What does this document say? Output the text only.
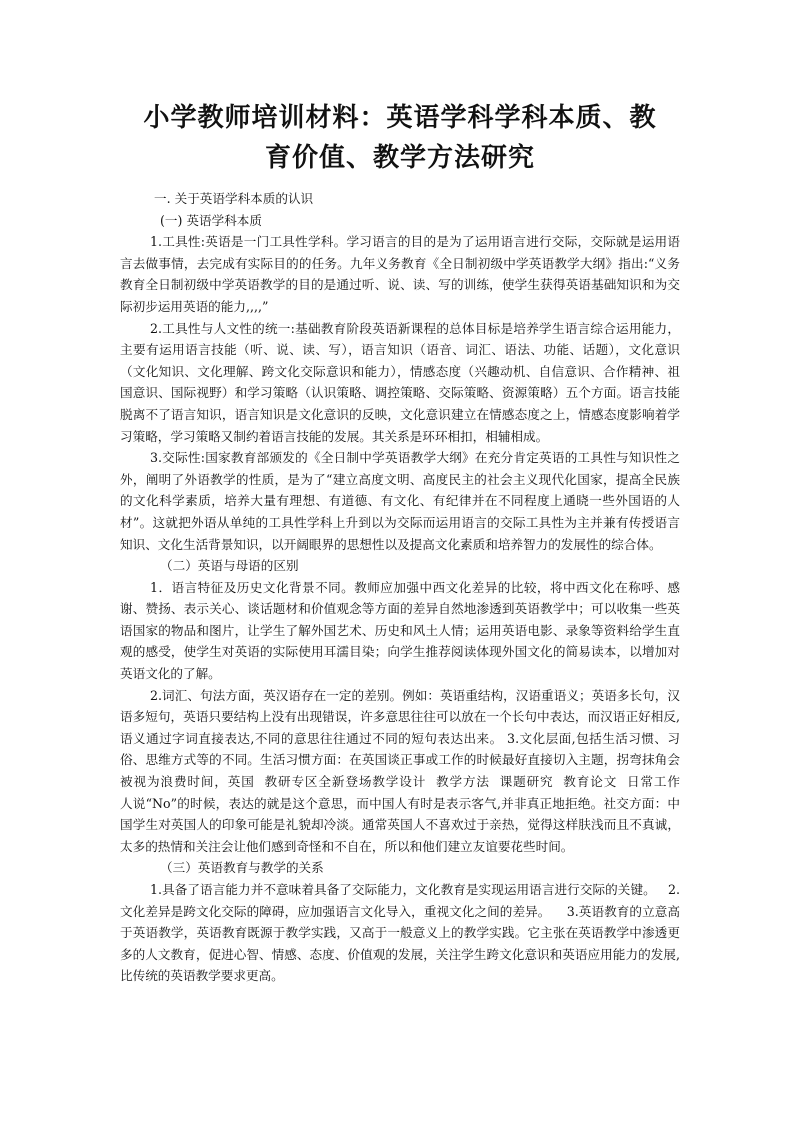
小学教师培训材料：英语学科学科本质、教
育价值、教学方法研究

一. 关于英语学科本质的认识

(一) 英语学科本质

1.工具性:英语是一门工具性学科。学习语言的目的是为了运用语言进行交际，交际就是运用语言去做事情，去完成有实际目的的任务。九年义务教育《全日制初级中学英语教学大纲》指出:“义务教育全日制初级中学英语教学的目的是通过听、说、读、写的训练，使学生获得英语基础知识和为交际初步运用英语的能力,,,,”

2.工具性与人文性的统一:基础教育阶段英语新课程的总体目标是培养学生语言综合运用能力，主要有运用语言技能（听、说、读、写），语言知识（语音、词汇、语法、功能、话题），文化意识（文化知识、文化理解、跨文化交际意识和能力），情感态度（兴趣动机、自信意识、合作精神、祖国意识、国际视野）和学习策略（认识策略、调控策略、交际策略、资源策略）五个方面。语言技能脱离不了语言知识，语言知识是文化意识的反映，文化意识建立在情感态度之上，情感态度影响着学习策略，学习策略又制约着语言技能的发展。其关系是环环相扣，相辅相成。

3.交际性:国家教育部颁发的《全日制中学英语教学大纲》在充分肯定英语的工具性与知识性之外，阐明了外语教学的性质，是为了“建立高度文明、高度民主的社会主义现代化国家，提高全民族的文化科学素质，培养大量有理想、有道德、有文化、有纪律并在不同程度上通晓一些外国语的人材”。这就把外语从单纯的工具性学科上升到以为交际而运用语言的交际工具性为主并兼有传授语言知识、文化生活背景知识，以开阔眼界的思想性以及提高文化素质和培养智力的发展性的综合体。

（二）英语与母语的区别

1．语言特征及历史文化背景不同。教师应加强中西文化差异的比较，将中西文化在称呼、感谢、赞扬、表示关心、谈话题材和价值观念等方面的差异自然地渗透到英语教学中；可以收集一些英语国家的物品和图片，让学生了解外国艺术、历史和风土人情；运用英语电影、录象等资料给学生直观的感受，使学生对英语的实际使用耳濡目染；向学生推荐阅读体现外国文化的简易读本，以增加对英语文化的了解。

2.词汇、句法方面，英汉语存在一定的差别。例如：英语重结构，汉语重语义；英语多长句，汉语多短句，英语只要结构上没有出现错误，许多意思往往可以放在一个长句中表达，而汉语正好相反,语义通过字词直接表达,不同的意思往往通过不同的短句表达出来。 3.文化层面,包括生活习惯、习俗、思维方式等的不同。生活习惯方面：在英国谈正事或工作的时候最好直接切入主题，拐弯抹角会被视为浪费时间，英国  教研专区全新登场教学设计  教学方法  课题研究  教育论文  日常工作        人说“No”的时候，表达的就是这个意思，而中国人有时是表示客气,并非真正地拒绝。社交方面：中国学生对英国人的印象可能是礼貌却冷淡。通常英国人不喜欢过于亲热，觉得这样肤浅而且不真诚，太多的热情和关注会让他们感到奇怪和不自在，所以和他们建立友谊要花些时间。

（三）英语教育与教学的关系

1.具备了语言能力并不意味着具备了交际能力，文化教育是实现运用语言进行交际的关键。   2.文化差异是跨文化交际的障碍，应加强语言文化导入，重视文化之间的差异。    3.英语教育的立意高于英语教学，英语教育既源于教学实践，又高于一般意义上的教学实践。它主张在英语教学中渗透更多的人文教育，促进心智、情感、态度、价值观的发展，关注学生跨文化意识和英语应用能力的发展,比传统的英语教学要求更高。
